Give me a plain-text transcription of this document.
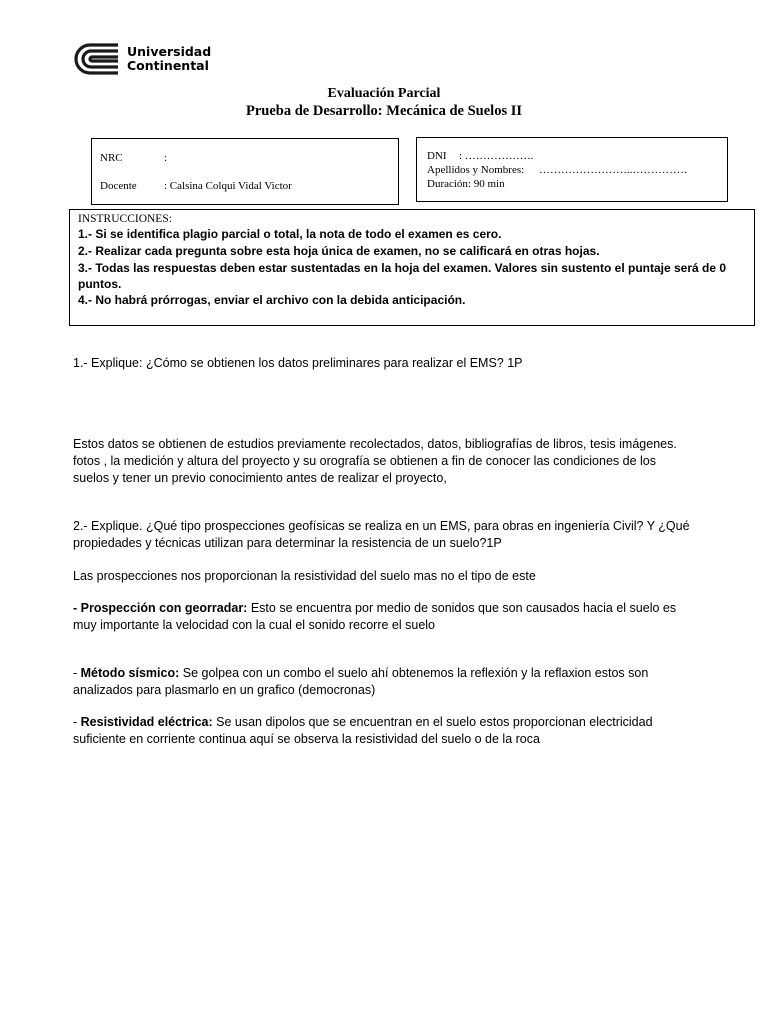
Universidad
Continental
Evaluación Parcial
Prueba de Desarrollo: Mecánica de Suelos II
NRC	:
Docente : Calsina Colqui Vidal Victor
DNI : ……………….
Apellidos y Nombres: ……………………..……………
Duración: 90 min
INSTRUCCIONES:
1.- Si se identifica plagio parcial o total, la nota de todo el examen es cero.
2.- Realizar cada pregunta sobre esta hoja única de examen, no se calificará en otras hojas.
3.- Todas las respuestas deben estar sustentadas en la hoja del examen. Valores sin sustento el puntaje será de 0
puntos.
4.- No habrá prórrogas, enviar el archivo con la debida anticipación.
1.- Explique: ¿Cómo se obtienen los datos preliminares para realizar el EMS? 1P
Estos datos se obtienen de estudios previamente recolectados, datos, bibliografías de libros, tesis imágenes.
fotos , la medición y altura del proyecto y su orografía se obtienen a fin de conocer las condiciones de los
suelos y tener un previo conocimiento antes de realizar el proyecto,
2.- Explique. ¿Qué tipo prospecciones geofísicas se realiza en un EMS, para obras en ingeniería Civil? Y ¿Qué
propiedades y técnicas utilizan para determinar la resistencia de un suelo?1P
Las prospecciones nos proporcionan la resistividad del suelo mas no el tipo de este
- Prospección con georradar: Esto se encuentra por medio de sonidos que son causados hacia el suelo es
muy importante la velocidad con la cual el sonido recorre el suelo
- Método sísmico: Se golpea con un combo el suelo ahí obtenemos la reflexión y la reflaxion estos son
analizados para plasmarlo en un grafico (democronas)
- Resistividad eléctrica: Se usan dipolos que se encuentran en el suelo estos proporcionan electricidad
suficiente en corriente continua aquí se observa la resistividad del suelo o de la roca
